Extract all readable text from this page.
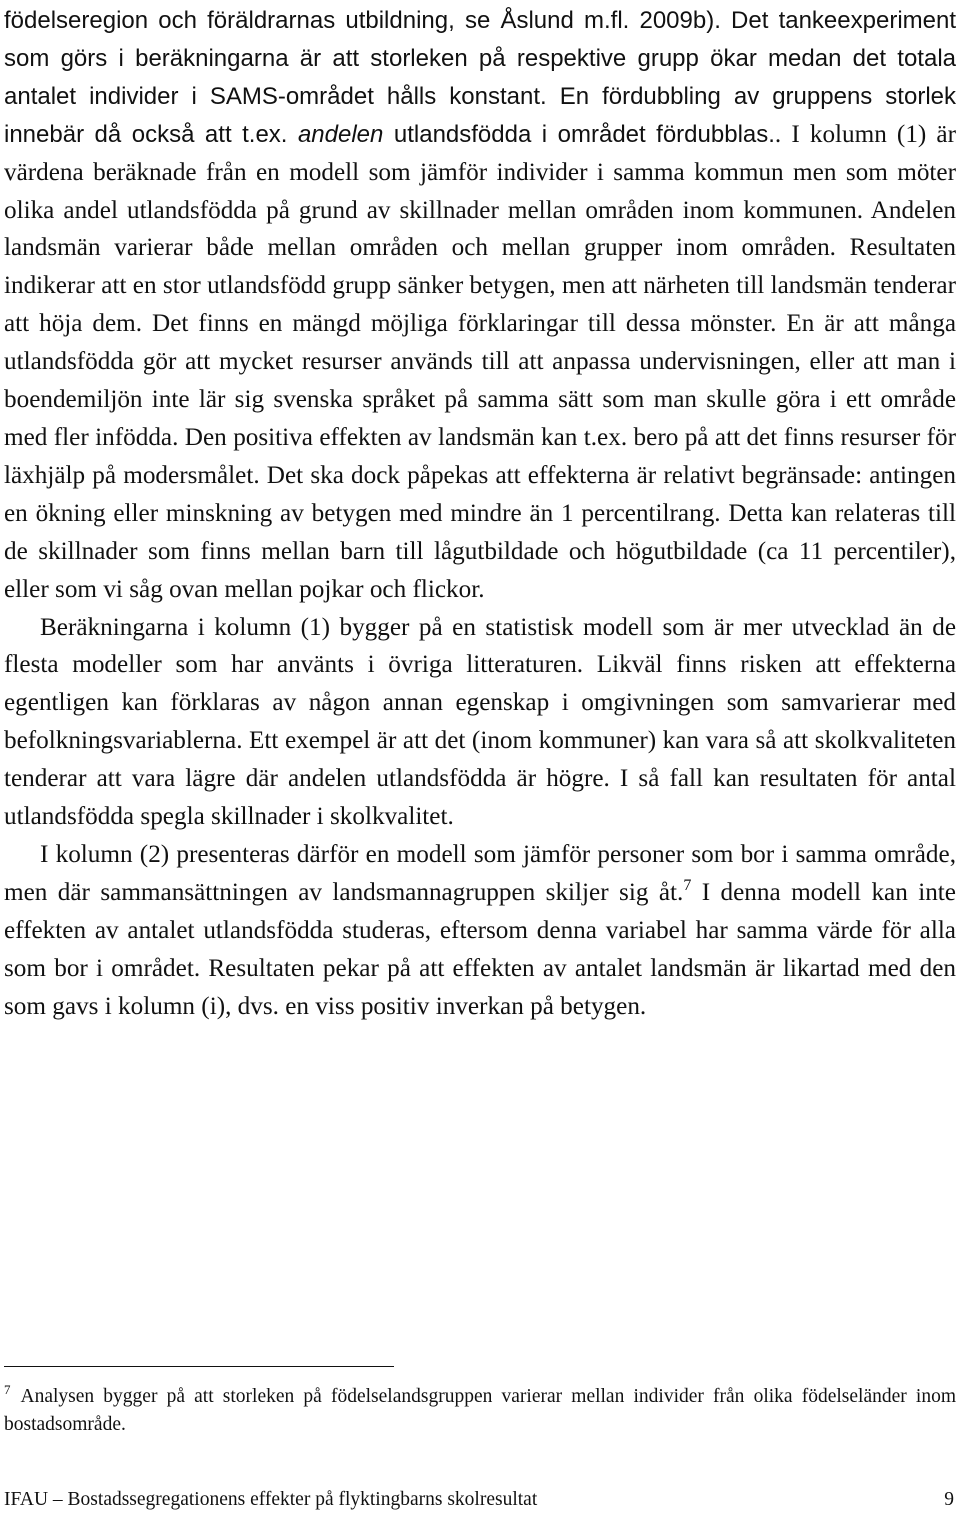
födelseregion och föräldrarnas utbildning, se Åslund m.fl. 2009b). Det tankeexperiment som görs i beräkningarna är att storleken på respektive grupp ökar medan det totala antalet individer i SAMS-området hålls konstant. En fördubbling av gruppens storlek innebär då också att t.ex. andelen utlandsfödda i området fördubblas.. I kolumn (1) är värdena beräknade från en modell som jämför individer i samma kommun men som möter olika andel utlandsfödda på grund av skillnader mellan områden inom kommunen. Andelen landsmän varierar både mellan områden och mellan grupper inom områden. Resultaten indikerar att en stor utlandsfödd grupp sänker betygen, men att närheten till landsmän tenderar att höja dem. Det finns en mängd möjliga förklaringar till dessa mönster. En är att många utlandsfödda gör att mycket resurser används till att anpassa undervisningen, eller att man i boendemiljön inte lär sig svenska språket på samma sätt som man skulle göra i ett område med fler infödda. Den positiva effekten av landsmän kan t.ex. bero på att det finns resurser för läxhjälp på modersmålet. Det ska dock påpekas att effekterna är relativt begränsade: antingen en ökning eller minskning av betygen med mindre än 1 percentilrang. Detta kan relateras till de skillnader som finns mellan barn till lågutbildade och högutbildade (ca 11 percentiler), eller som vi såg ovan mellan pojkar och flickor.

Beräkningarna i kolumn (1) bygger på en statistisk modell som är mer utvecklad än de flesta modeller som har använts i övriga litteraturen. Likväl finns risken att effekterna egentligen kan förklaras av någon annan egenskap i omgivningen som samvarierar med befolkningsvariablerna. Ett exempel är att det (inom kommuner) kan vara så att skolkvaliteten tenderar att vara lägre där andelen utlandsfödda är högre. I så fall kan resultaten för antal utlandsfödda spegla skillnader i skolkvalitet.

I kolumn (2) presenteras därför en modell som jämför personer som bor i samma område, men där sammansättningen av landsmannagruppen skiljer sig åt.$^7$ I denna modell kan inte effekten av antalet utlandsfödda studeras, eftersom denna variabel har samma värde för alla som bor i området. Resultaten pekar på att effekten av antalet landsmän är likartad med den som gavs i kolumn (i), dvs. en viss positiv inverkan på betygen.

$^7$ Analysen bygger på att storleken på födelselandsgruppen varierar mellan individer från olika födelseländer inom bostadsområde.

IFAU – Bostadssegregationens effekter på flyktingbarns skolresultat	9
